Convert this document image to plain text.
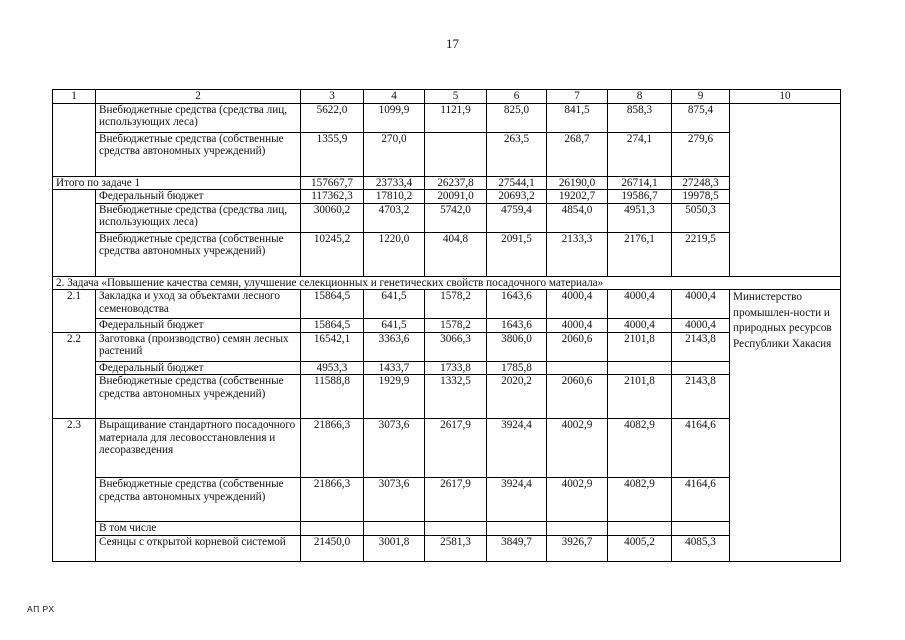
17
1	2	3	4	5	6	7	8	9	10
	Внебюджетные средства (средства лиц, использующих леса)	5622,0	1099,9	1121,9	825,0	841,5	858,3	875,4	
	Внебюджетные средства (собственные средства автономных учреждений)	1355,9	270,0		263,5	268,7	274,1	279,6	
Итого по задаче 1		157667,7	23733,4	26237,8	27544,1	26190,0	26714,1	27248,3	
	Федеральный бюджет	117362,3	17810,2	20091,0	20693,2	19202,7	19586,7	19978,5	
	Внебюджетные средства (средства лиц, использующих леса)	30060,2	4703,2	5742,0	4759,4	4854,0	4951,3	5050,3	
	Внебюджетные средства (собственные средства автономных учреждений)	10245,2	1220,0	404,8	2091,5	2133,3	2176,1	2219,5	
2. Задача «Повышение качества семян, улучшение селекционных и генетических свойств посадочного материала»									
2.1	Закладка и уход за объектами лесного семеноводства	15864,5	641,5	1578,2	1643,6	4000,4	4000,4	4000,4	Министерство промышлен-ности и природных ресурсов Республики Хакасия
	Федеральный бюджет	15864,5	641,5	1578,2	1643,6	4000,4	4000,4	4000,4	
2.2	Заготовка (производство) семян лесных растений	16542,1	3363,6	3066,3	3806,0	2060,6	2101,8	2143,8	
	Федеральный бюджет	4953,3	1433,7	1733,8	1785,8				
	Внебюджетные средства (собственные средства автономных учреждений)	11588,8	1929,9	1332,5	2020,2	2060,6	2101,8	2143,8	
2.3	Выращивание стандартного посадочного материала для лесовосстановления и лесоразведения	21866,3	3073,6	2617,9	3924,4	4002,9	4082,9	4164,6	
	Внебюджетные средства (собственные средства автономных учреждений)	21866,3	3073,6	2617,9	3924,4	4002,9	4082,9	4164,6	
	В том числе								
	Сеянцы с открытой корневой системой	21450,0	3001,8	2581,3	3849,7	3926,7	4005,2	4085,3	
АП РХ
